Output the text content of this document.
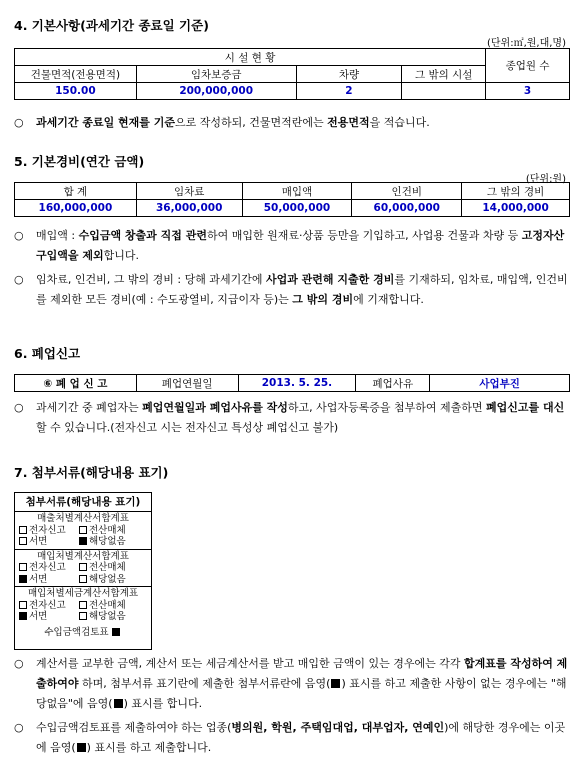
4. 기본사항(과세기간 종료일 기준)
(단위:㎡,원,대,명)
시 설 현 황				종업원 수
건물면적(전용면적)	임차보증금	차량	그 밖의 시설	
150.00	200,000,000	2		3
○ 과세기간 종료일 현재를 기준으로 작성하되, 건물면적란에는 전용면적을 적습니다.
5. 기본경비(연간 금액)
(단위:원)
합 계	임차료	매입액	인건비	그 밖의 경비
160,000,000	36,000,000	50,000,000	60,000,000	14,000,000
○ 매입액 : 수입금액 창출과 직접 관련하여 매입한 원재료·상품 등만을 기입하고, 사업용 건물과 차량 등 고정자산 구입액을 제외합니다.
○ 임차료, 인건비, 그 밖의 경비 : 당해 과세기간에 사업과 관련해 지출한 경비를 기재하되, 임차료, 매입액, 인건비를 제외한 모든 경비(예 : 수도광열비, 지급이자 등)는 그 밖의 경비에 기재합니다.
6. 폐업신고
⑥ 폐 업 신 고	폐업연월일	2013. 5. 25.	폐업사유	사업부진
○ 과세기간 중 폐업자는 폐업연월일과 폐업사유를 작성하고, 사업자등록증을 첨부하여 제출하면 폐업신고를 대신할 수 있습니다.(전자신고 시는 전자신고 특성상 폐업신고 불가)
7. 첨부서류(해당내용 표기)
첨부서류(해당내용 표기)
매출처별계산서합계표
전자신고 전산매체
서면	해당없음
매입처별계산서합계표
전자신고 전산매체
서면	해당없음
매입처별세금계산서합계표
전자신고 전산매체
서면	해당없음
수입금액검토표
○ 계산서를 교부한 금액, 계산서 또는 세금계산서를 받고 매입한 금액이 있는 경우에는 각각 합계표를 작성하여 제출하여야 하며, 첨부서류 표기란에 제출한 첨부서류란에 음영( ) 표시를 하고 제출한 사항이 없는 경우에는 "해당없음"에 음영( ) 표시를 합니다.
○ 수입금액검토표를 제출하여야 하는 업종(병의원, 학원, 주택임대업, 대부업자, 연예인)에 해당한 경우에는 이곳에 음영( ) 표시를 하고 제출합니다.
